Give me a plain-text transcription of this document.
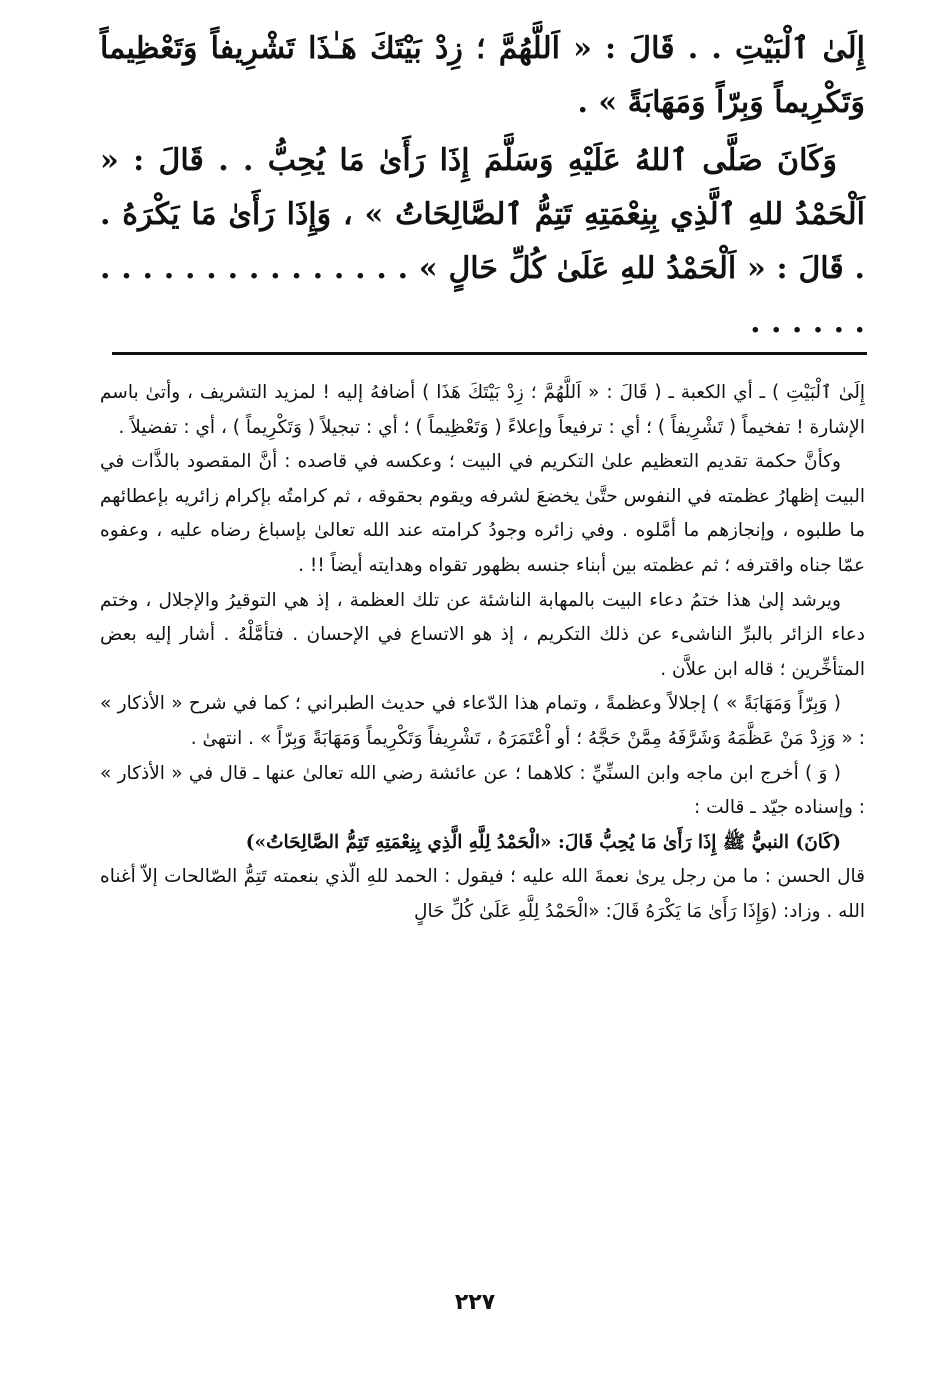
إِلَىٰ ٱلْبَيْتِ . . قَالَ : « اَللَّهُمَّ ؛ زِدْ بَيْتَكَ هَـٰذَا تَشْرِيفاً وَتَعْظِيماً وَتَكْرِيماً وَبِرّاً وَمَهَابَةً » .

وَكَانَ صَلَّى ٱللهُ عَلَيْهِ وَسَلَّمَ إِذَا رَأَىٰ مَا يُحِبُّ . . قَالَ : « اَلْحَمْدُ للهِ ٱلَّذِي بِنِعْمَتِهِ تَتِمُّ ٱلصَّالِحَاتُ » ، وَإِذَا رَأَىٰ مَا يَكْرَهُ . . قَالَ : « اَلْحَمْدُ للهِ عَلَىٰ كُلِّ حَالٍ » . . . . . . . . . . . . . . . . . . . . .

إِلَىٰ ٱلْبَيْتِ ) ـ أي الكعبة ـ ( قَالَ : « اَللَّهُمَّ ؛ زِدْ بَيْتَكَ هَذَا ) أضافهُ إليه ! لمزيد التشريف ، وأتىٰ باسم الإشارة ! تفخيماً ( تَشْرِيفاً ) ؛ أي : ترفيعاً وإعلاءً ( وَتَعْظِيماً ) ؛ أي : تبجيلاً ( وَتَكْرِيماً ) ، أي : تفضيلاً .

وكأنَّ حكمة تقديم التعظيم علىٰ التكريم في البيت ؛ وعكسه في قاصده : أنَّ المقصود بالذَّات في البيت إظهارُ عظمته في النفوس حتَّىٰ يخضعَ لشرفه ويقوم بحقوقه ، ثم كرامتُه بإكرام زائريه بإعطائهم ما طلبوه ، وإنجازهم ما أمَّلوه . وفي زائره وجودُ كرامته عند الله تعالىٰ بإسباغ رضاه عليه ، وعفوه عمّا جناه واقترفه ؛ ثم عظمته بين أبناء جنسه بظهور تقواه وهدايته أيضاً !! .

ويرشد إلىٰ هذا ختمُ دعاء البيت بالمهابة الناشئة عن تلك العظمة ، إذ هي التوقيرُ والإجلال ، وختم دعاء الزائر بالبرِّ الناشىء عن ذلك التكريم ، إذ هو الاتساع في الإحسان . فتأمَّلْهُ . أشار إليه بعض المتأخِّرين ؛ قاله ابن علاَّن .

( وَبِرّاً وَمَهَابَةً » ) إجلالاً وعظمةً ، وتمام هذا الدّعاء في حديث الطبراني ؛ كما في شرح « الأذكار » : « وَزِدْ مَنْ عَظَّمَهُ وَشَرَّفَهُ مِمَّنْ حَجَّهُ ؛ أو اْعْتَمَرَهُ ، تَشْرِيفاً وَتَكْرِيماً وَمَهَابَةً وَبِرّاً » . انتهىٰ .

( وَ ) أخرج ابن ماجه وابن السنِّيِّ : كلاهما ؛ عن عائشة رضي الله تعالىٰ عنها ـ قال في « الأذكار » : وإسناده جيّد ـ قالت :

(كَانَ) النبيُّ ﷺ إِذَا رَأَىٰ مَا يُحِبُّ قَالَ: «الْحَمْدُ لِلَّهِ الَّذِي بِنِعْمَتِهِ تَتِمُّ الصَّالِحَاتُ»)

قال الحسن : ما من رجل يرىٰ نعمةَ الله عليه ؛ فيقول : الحمد للهِ الّذي بنعمته تَتِمُّ الصّالحات إلاّ أغناه الله . وزاد: (وَإِذَا رَأَىٰ مَا يَكْرَهُ قَالَ: «الْحَمْدُ لِلَّهِ عَلَىٰ كُلِّ حَالٍ

٢٢٧
